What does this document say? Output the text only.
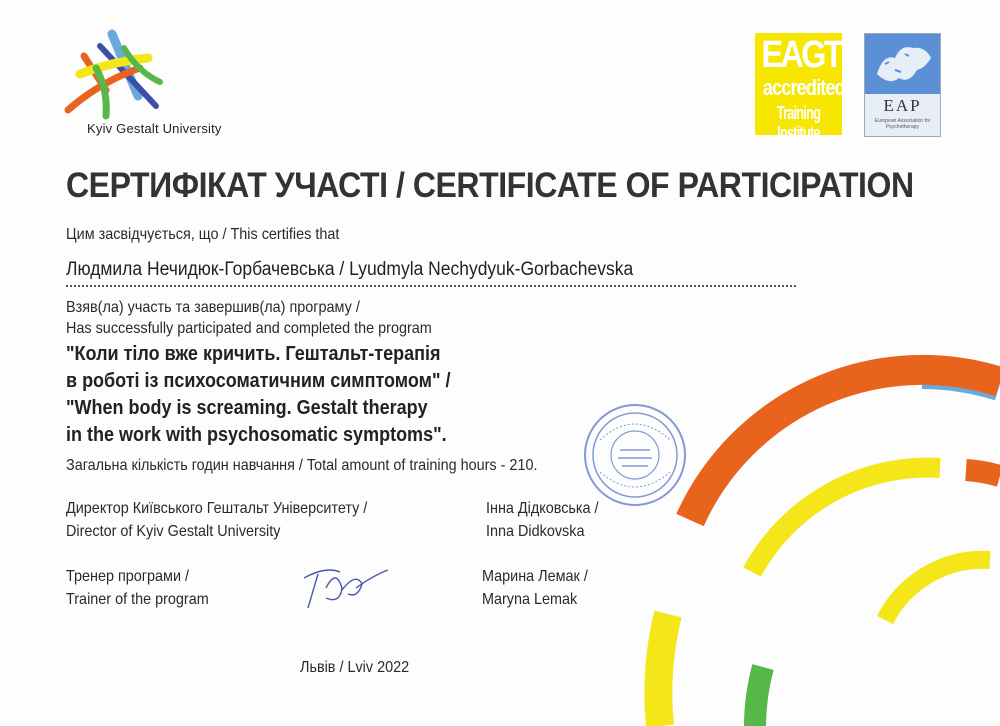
Kyiv Gestalt University
EAGT
accredited
Training Institute
EAP
European Association for Psychotherapy
СЕРТИФІКАТ УЧАСТІ / CERTIFICATE OF PARTICIPATION
Цим засвідчується, що / This certifies that
Людмила Нечидюк-Горбачевська / Lyudmyla Nechydyuk-Gorbachevska
Взяв(ла) участь та завершив(ла) програму /
Has successfully participated and completed the program
"Коли тіло вже кричить. Гештальт-терапія
в роботі із психосоматичним симптомом" /
"When body is screaming. Gestalt therapy
in the work with psychosomatic symptoms".
Загальна кількість годин навчання / Total amount of training hours - 210.
Директор Київського Гештальт Університету /
Director of Kyiv Gestalt University
Інна Дідковська /
Inna Didkovska
Тренер програми /
Trainer of the program
Марина Лемак /
Maryna Lemak
Львів / Lviv 2022
